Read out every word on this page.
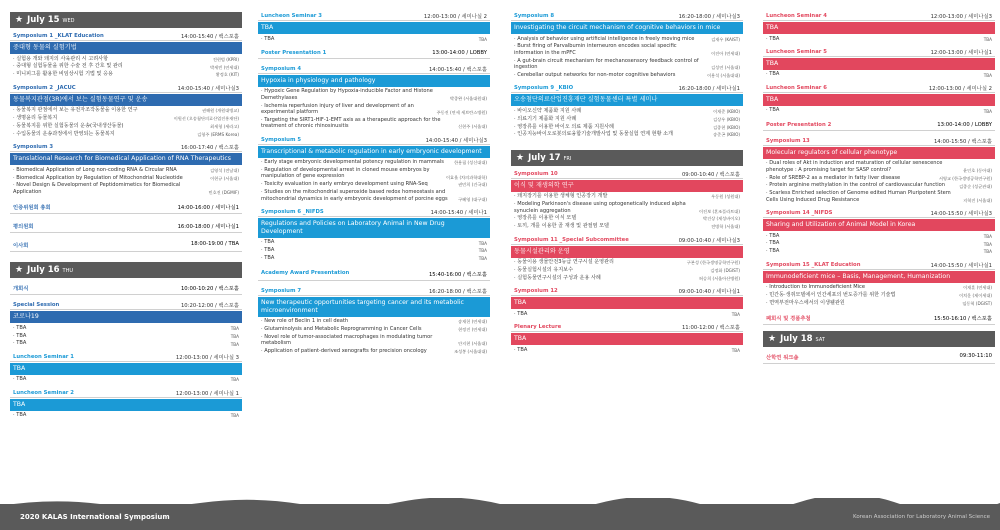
★ July 15 WED
Symposium 1 _KLAT Education	14:00-15:40 / 백스포홀
중대형 동물의 실험기법
· 실험용 개와 돼지의 사육관리 시 고려사항	전현범 (KPRI)
· 중대형 실험동물을 위한 수술 전 후 간호 및 관리	박세빈 (연세대)
· 미니피그를 활용한 비임상시험 기법 및 응용	황정호 (KIT)
Symposium 2 _JACUC	14:00-15:40 / 세미나실3
동물복지관점(3R)에서 보는 실험동물연구 및 운송
· 동물복지 관점에서 보는 유전자조작동물을 이용한 연구	권해원 (개원대병교)
· 생명윤리 동물복지	이원선 (오송첨단의료산업진흥재단)
· 동물복지를 위한 실험동물의 운송(국내생산동물)	최세형 (세라고)
· 수입동물의 운송과정에서 반영되는 동물복지	김형주 (ERMS Korea)
Symposium 3	16:00-17:40 / 백스포홀
Translational Research for Biomedical Application of RNA Therapeutics
· Biomedical Application of Long non-coding RNA & Circular RNA	김영석 (전남대)
· Biomedical Application by Regulation of Mitochondrial Nucleotide	이현규 (서울대)
· Novel Design & Development of Peptidomimetics for Biomedical Application	민호진 (DGMIF)
인증위원회 총회	14:00-16:00 / 세미나실1
평의원회	16:00-18:00 / 세미나실1
이사회	18:00-19:00 / TBA
★ July 16 THU
개회식	10:00-10:20 / 백스포홀
Special Session	10:20-12:00 / 백스포홀
코로나19
· TBA	TBA
· TBA	TBA
· TBA	TBA
Luncheon Seminar 1	12:00-13:00 / 세미나실 3
TBA
· TBA	TBA
Luncheon Seminar 2	12:00-13:00 / 세미나실 1
TBA
· TBA	TBA
Luncheon Seminar 3	12:00-13:00 / 세미나실 2
TBA
· TBA	TBA
Poster Presentation 1	13:00-14:00 / LOBBY
Symposium 4	14:00-15:40 / 백스포홀
Hypoxia in physiology and pathology
· Hypoxic Gene Regulation by Hypoxia-inducible Factor and Histone Demethylases	박종완 (서울대원대)
· Ischemia reperfusion injury of liver and development of an experimental platform	주동진 (연세 세브란스병원)
· Targeting the SIRT1-HIF-1-EMT axis as a therapeutic approach for the treatment of chronic rhinosinusitis	신현주 (서울대)
Symposium 5	14:00-15:40 / 세미나실3
Transcriptional & metabolic regulation in early embryonic development
· Early stage embryonic developmental potency regulation in mammals	한용필 (성신대대)
· Regulation of developmental arrest in cloned mouse embryos by manipulation of gene expression	이효율 (차의과학대학)
· Toxicity evaluation in early embryo development using RNA-Seq	권민희 (건국대)
· Studies on the mitochondrial superoxide based redox homeostasis and mitochondrial dynamics in early embryonic development of porcine eggs	구혜영 (대구대)
Symposium 6 _NIFDS	14:00-15:40 / 세미나1
Regulations and Policies on Laboratory Animal in New Drug Development
· TBA	TBA
· TBA	TBA
· TBA	TBA
Academy Award Presentation	15:40-16:00 / 백스포홀
Symposium 7	16:20-18:00 / 백스포홀
New therapeutic opportunities targeting cancer and its metabolic microenvironment
· New role of Beclin 1 in cell death	송재헌 (연세대)
· Glutaminolysis and Metabolic Reprogramming in Cancer Cells	현정진 (연세대)
· Novel role of tumor-associated macrophages in modulating tumor metabolism	안지현 (서울대)
· Application of patient-derived xenografts for precision oncology	조성봉 (서울대대)
Symposium 8	16:20-18:00 / 세미나실3
Investigating the circuit mechanism of cognitive behaviors in mice
· Analysis of behavior using artificial intelligence in freely moving mice	김재우 (KAIST)
· Burst firing of Parvalbumin interneuron encodes social specific information in the mPFC	이진아 (연세대)
· A gut-brain circuit mechanism for mechanosensory feedback control of ingestion	김성연 (서울대)
· Cerebellar output networks for non-motor cognitive behaviors	이용석 (서울대대)
Symposium 9 _KBIO	16:20-18:00 / 세미나실1
오송첨단의료산업진흥재단 실험동물센터 특별 세미나
· 바이오신약 제품화 지원 사례	이재준 (KBIO)
· 의료기기 제품화 지원 사례	김상우 (KBIO)
· 영장류를 이용한 바이오 의료 제품 지원사례	김종현 (KBIO)
· 인공지능바이오로봇의료융합기술개발사업 및 동물실험 연계 현황 소개	송준곤 (KBIO)
★ July 17 FRI
Symposium 10	09:00-10:40 / 백스포홀
이식 및 재생의학 연구
· 돼지장기를 이용한 생체형 인공장기 개발	우동원 (성원대)
· Modeling Parkinson's disease using optogenetically induced alpha synuclein aggregation	이진보 (혼조플라트대)
· 영장류를 이용한 이식 모델	박건상 (제성바이오)
· 토끼, 개를 이용한 골 재생 및 관절염 모델	전병학 (서울대)
Symposium 11 _Special Subcommittee	09:00-10:40 / 세미나실3
동물시설관리와 운영
· 동물이용 생물안전3등급 연구시설 운영관리	구본성 (한국생명공학연구원)
· 동물실험시설의 유지보수	김정화 (DGIST)
· 실험동물연구시설의 구성과 운용 사례	허승희 (서울아산병원)
Symposium 12	09:00-10:40 / 세미나실1
TBA
· TBA	TBA
Plenary Lecture	11:00-12:00 / 백스포홀
TBA
· TBA	TBA
Luncheon Seminar 4	12:00-13:00 / 세미나실3
TBA
· TBA	TBA
Luncheon Seminar 5	12:00-13:00 / 세미나실1
TBA
· TBA	TBA
Luncheon Seminar 6	12:00-13:00 / 세미나실 2
TBA
· TBA	TBA
Poster Presentation 2	13:00-14:00 / LOBBY
Symposium 13	14:00-15:50 / 백스포홀
Molecular regulators of cellular phenotype
· Dual roles of Akt in induction and maturation of cellular senescence phenotype : A promising target for SASP control?	윤인호 (동아대)
· Role of SREBP-2 as a mediator in fatty liver disease	서영교 (한국생명공학연구원)
· Protein arginine methylation in the control of cardiovascular function	김종순 (성균관대)
· Scarless Enriched selection of Genome edited Human Pluripotent Stem Cells Using Induced Drug Resistance	지혁진 (서울대)
Symposium 14 _NIFDS	14:00-15:50 / 세미나실3
Sharing and Utilization of Animal Model in Korea
· TBA	TBA
· TBA	TBA
· TBA	TBA
Symposium 15 _KLAT Education	14:00-15:50 / 세미나실1
Immunodeficient mice – Basis, Management, Humanization
· Introduction to Immunodeficient Mice	이재훈 (연세대)
· 민간동·생쥐모델에서 인간세포의 번도증가를 위한 기술법	이치운 (제이세대)
· 면역부전마우스에서의 이생웰관원	임동혁 (DGIST)
폐회식 및 경품추첨	15:50-16:10 / 백스포홀
★ July 18 SAT
산학연 워크숍	09:30-11:10
2020 KALAS International Symposium	Korean Association for Laboratory Animal Science
